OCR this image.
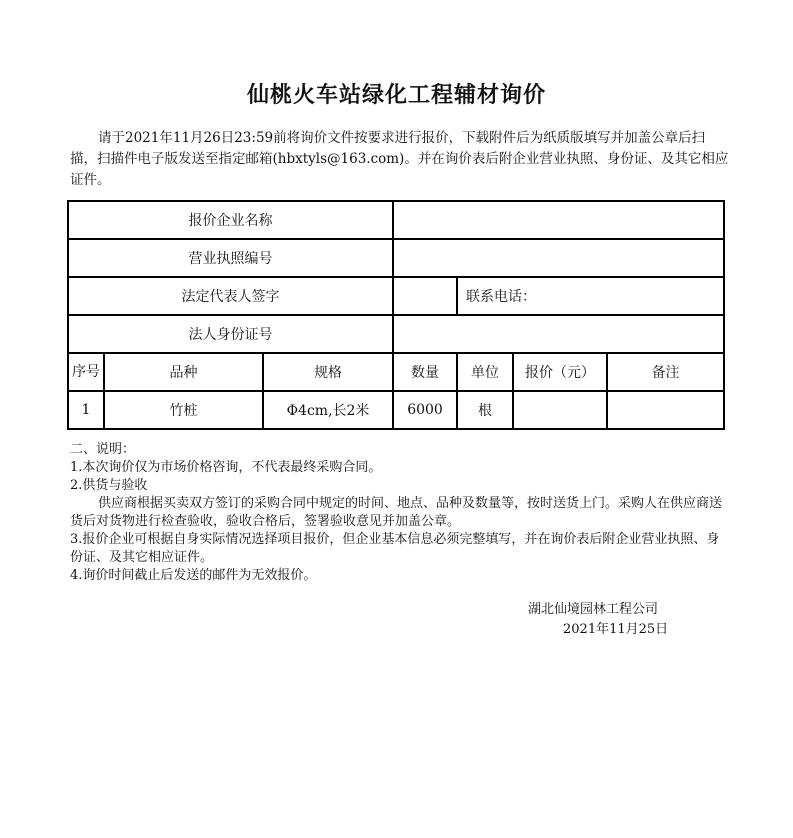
仙桃火车站绿化工程辅材询价

请于2021年11月26日23:59前将询价文件按要求进行报价，下载附件后为纸质版填写并加盖公章后扫描，扫描件电子版发送至指定邮箱(hbxtyls@163.com)。并在询价表后附企业营业执照、身份证、及其它相应证件。

报价企业名称						
营业执照编号						
法定代表人签字				联系电话：		
法人身份证号						
序号	品种	规格	数量	单位	报价（元）	备注
1	竹桩	Φ4cm,长2米	6000	根		

二、说明：

1.本次询价仅为市场价格咨询，不代表最终采购合同。

2.供货与验收

供应商根据买卖双方签订的采购合同中规定的时间、地点、品种及数量等，按时送货上门。采购人在供应商送货后对货物进行检查验收，验收合格后，签署验收意见并加盖公章。

3.报价企业可根据自身实际情况选择项目报价，但企业基本信息必须完整填写，并在询价表后附企业营业执照、身份证、及其它相应证件。

4.询价时间截止后发送的邮件为无效报价。

湖北仙境园林工程公司
2021年11月25日
